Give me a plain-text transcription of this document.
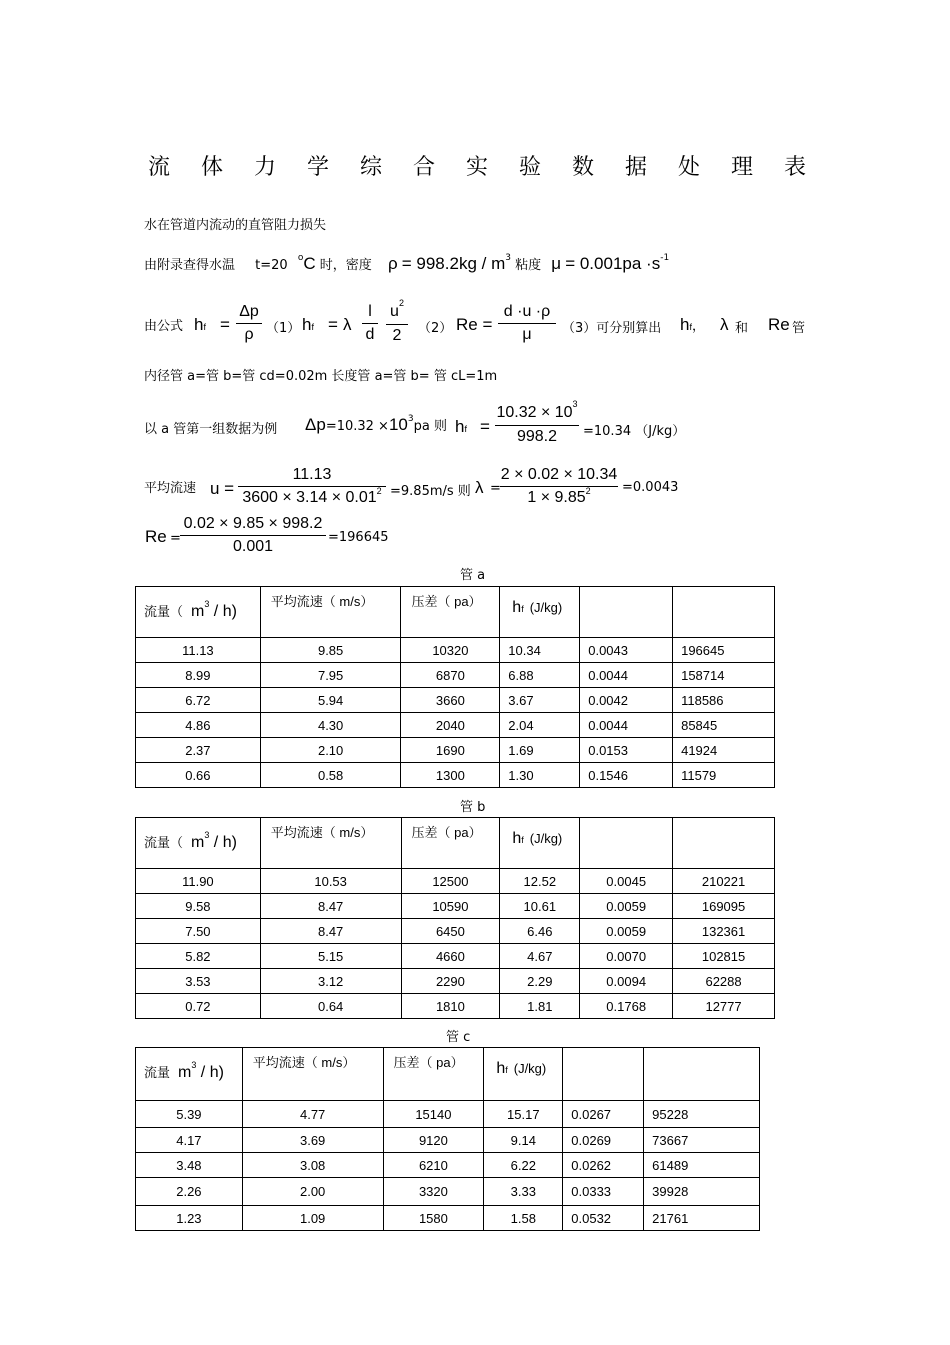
流体力学综合实验数据处理表
水在管道内流动的直管阻力损失
由附录查得水温 t=20 $^o$C 时，密度 $\rho = 998.2kg / m^3$ 粘度 $\mu = 0.001pa \cdot s^{-1}$
由公式 hf =
Δp
ρ （1） hf = λ
l
d
$u^2$
2	（2） Re =
d ·u ·ρ
μ	（3）可分别算出 hf， λ 和 Re 管
内径管 a=管 b=管 cd=0.02m 长度管 a=管 b= 管 cL=1m
以 a 管第一组数据为例 $\Delta p=10.32 \times 10^3pa$ 则 hf =
$10.32 \times 10^3$
998.2	=10.34 （J/kg）
平均流速 u =
11.13
$3600 \times 3.14 \times 0.01^2 =9.85m/s$ 则 λ =
2 × 0.02 × 10.34
$1 \times 9.85^2$	=0.0043
Re =
0.02 × 9.85 × 998.2
0.001
=196645
管 a
管 b
管 c
流量（ $m^3 / h$)	平均流速（ m/s）	压差（ pa）	hf (J/kg)		

11.13	9.85	10320	10.34	0.0043	196645
8.99	7.95	6870	6.88	0.0044	158714
6.72	5.94	3660	3.67	0.0042	118586
4.86	4.30	2040	2.04	0.0044	85845
2.37	2.10	1690	1.69	0.0153	41924
0.66	0.58	1300	1.30	0.1546	11579
流量（ $m^3 / h$)	平均流速（ m/s）	压差（ pa）	hf (J/kg)		

11.90	10.53	12500	12.52	0.0045	210221
9.58	8.47	10590	10.61	0.0059	169095
7.50	8.47	6450	6.46	0.0059	132361
5.82	5.15	4660	4.67	0.0070	102815
3.53	3.12	2290	2.29	0.0094	62288
0.72	0.64	1810	1.81	0.1768	12777
流量 $m^3 / h$)	平均流速（ m/s）	压差（ pa）	hf (J/kg)		

5.39	4.77	15140	15.17	0.0267	95228
4.17	3.69	9120	9.14	0.0269	73667
3.48	3.08	6210	6.22	0.0262	61489
2.26	2.00	3320	3.33	0.0333	39928
1.23	1.09	1580	1.58	0.0532	21761
